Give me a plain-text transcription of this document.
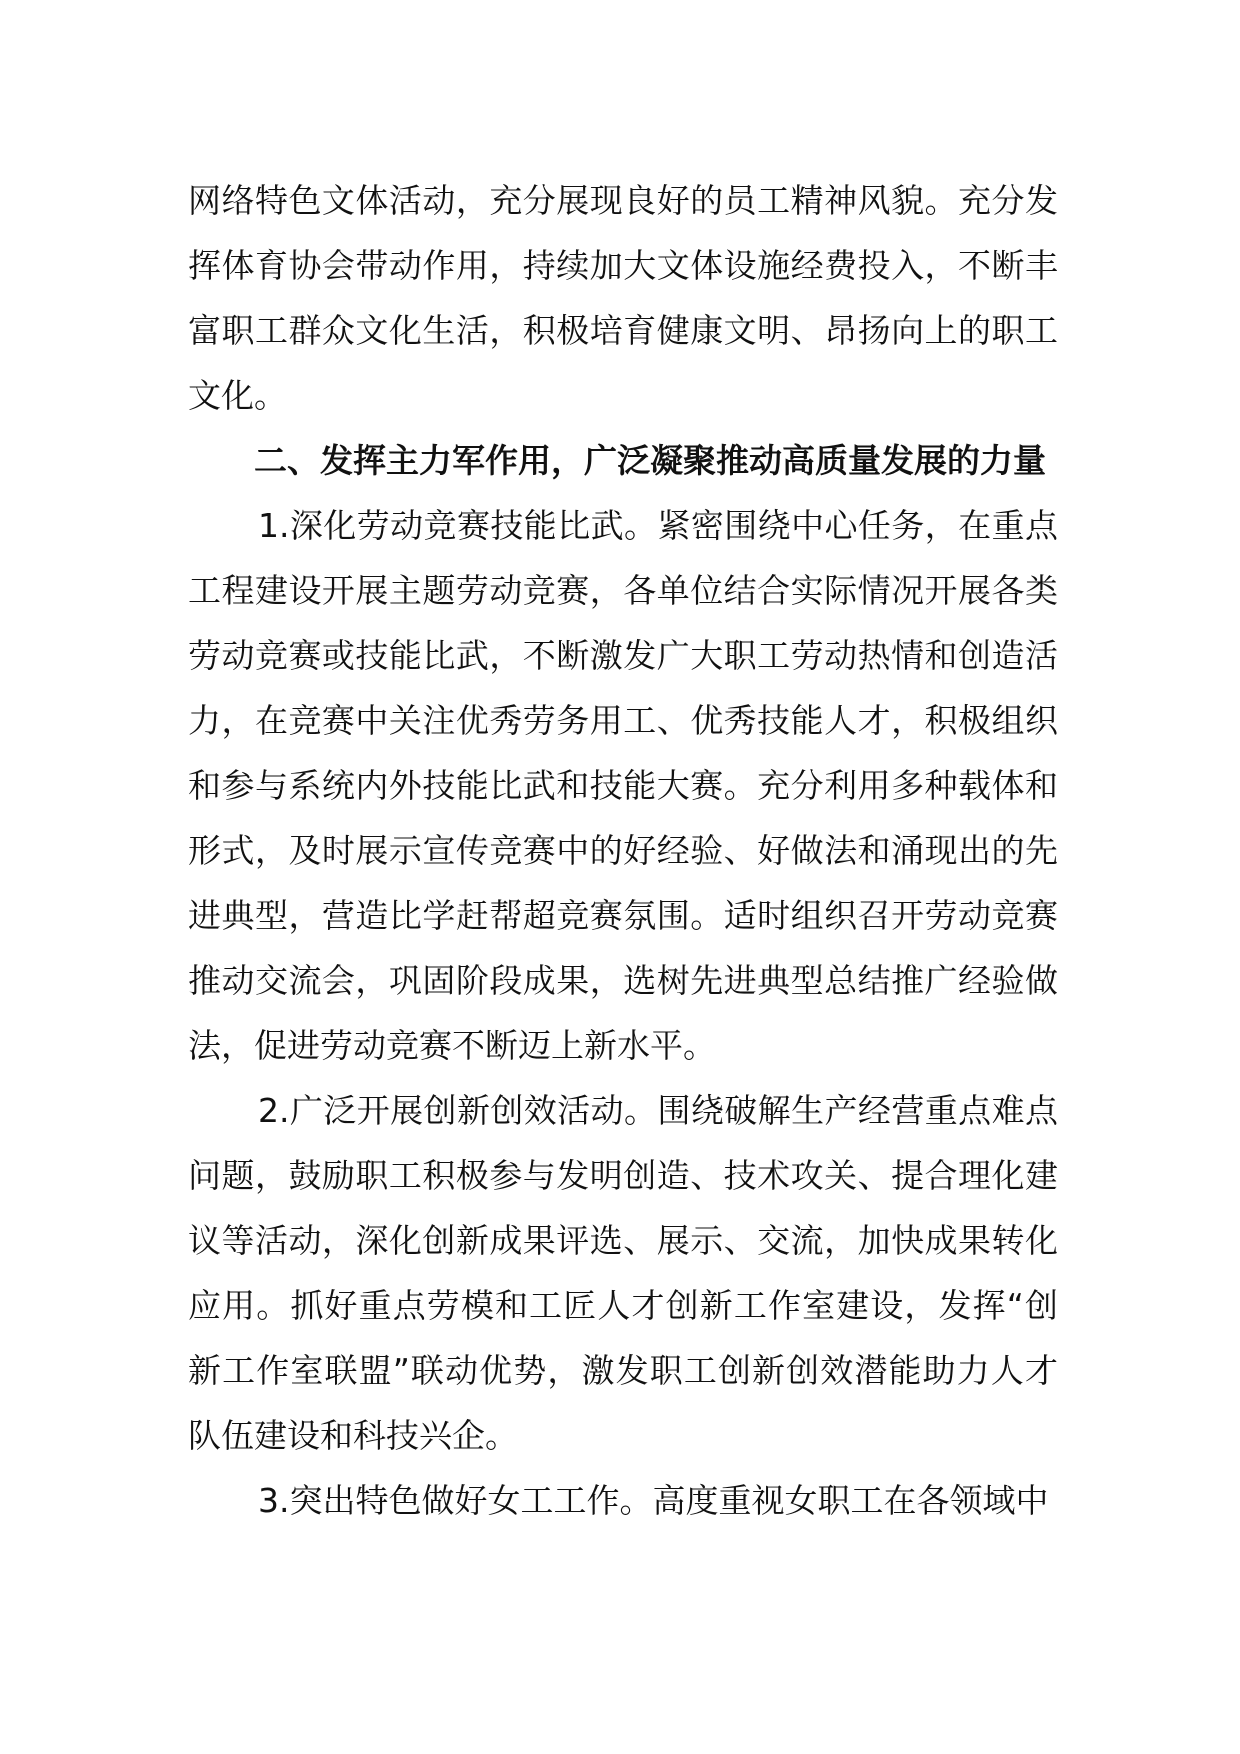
网络特色文体活动，充分展现良好的员工精神风貌。充分发挥体育协会带动作用，持续加大文体设施经费投入，不断丰富职工群众文化生活，积极培育健康文明、昂扬向上的职工文化。

二、发挥主力军作用，广泛凝聚推动高质量发展的力量

1.深化劳动竞赛技能比武。紧密围绕中心任务，在重点工程建设开展主题劳动竞赛，各单位结合实际情况开展各类劳动竞赛或技能比武，不断激发广大职工劳动热情和创造活力，在竞赛中关注优秀劳务用工、优秀技能人才，积极组织和参与系统内外技能比武和技能大赛。充分利用多种载体和形式，及时展示宣传竞赛中的好经验、好做法和涌现出的先进典型，营造比学赶帮超竞赛氛围。适时组织召开劳动竞赛推动交流会，巩固阶段成果，选树先进典型总结推广经验做法，促进劳动竞赛不断迈上新水平。

2.广泛开展创新创效活动。围绕破解生产经营重点难点问题，鼓励职工积极参与发明创造、技术攻关、提合理化建议等活动，深化创新成果评选、展示、交流，加快成果转化应用。抓好重点劳模和工匠人才创新工作室建设，发挥“创新工作室联盟”联动优势，激发职工创新创效潜能助力人才队伍建设和科技兴企。

3.突出特色做好女工工作。高度重视女职工在各领域中
